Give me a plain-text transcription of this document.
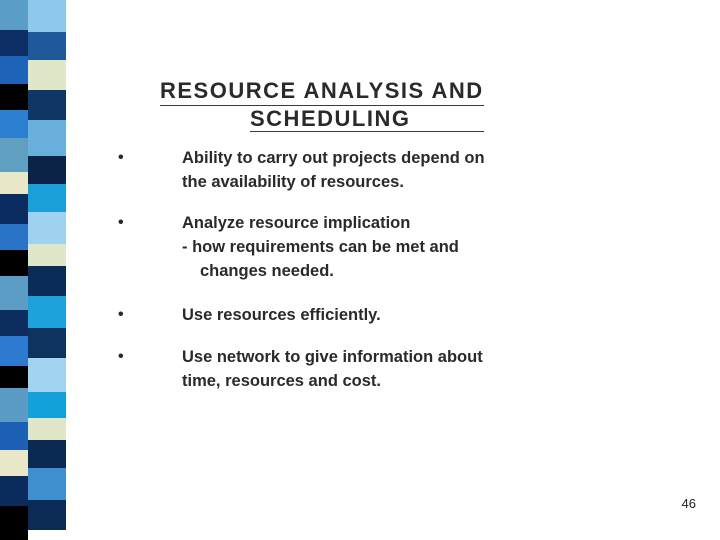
RESOURCE ANALYSIS AND
SCHEDULING
•	Ability to carry out projects depend on
the availability of resources.
•	Analyze resource implication
- how requirements can be met and
changes needed.
•	Use resources efficiently.
•	Use network to give information about
time, resources and cost.
46
